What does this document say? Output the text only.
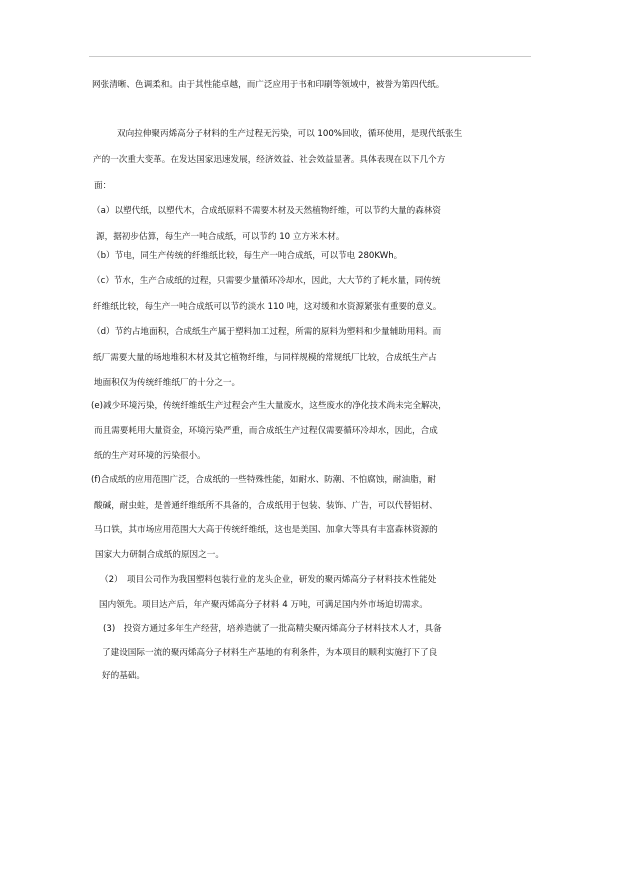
网张清晰、色调柔和。由于其性能卓越，而广泛应用于书和印刷等领域中，被誉为第四代纸。

双向拉伸聚丙烯高分子材料的生产过程无污染，可以 100%回收，循环使用，是现代纸张生

产的一次重大变革。在发达国家迅速发展，经济效益、社会效益显著。具体表现在以下几个方

面：

（a）以塑代纸，以塑代木，合成纸原料不需要木材及天然植物纤维，可以节约大量的森林资

源，据初步估算，每生产一吨合成纸，可以节约 10 立方米木材。

（b）节电，同生产传统的纤维纸比较，每生产一吨合成纸，可以节电 280KWh。

（c）节水，生产合成纸的过程，只需要少量循环冷却水，因此，大大节约了耗水量，同传统

纤维纸比较，每生产一吨合成纸可以节约淡水 110 吨，这对缓和水资源紧张有重要的意义。

（d）节约占地面积，合成纸生产属于塑料加工过程，所需的原料为塑料和少量辅助用料。而

纸厂需要大量的场地堆积木材及其它植物纤维，与同样规模的常规纸厂比较，合成纸生产占

地面积仅为传统纤维纸厂的十分之一。

(e)减少环境污染，传统纤维纸生产过程会产生大量废水，这些废水的净化技术尚未完全解决，

而且需要耗用大量资金，环境污染严重，而合成纸生产过程仅需要循环冷却水，因此，合成

纸的生产对环境的污染很小。

(f)合成纸的应用范围广泛，合成纸的一些特殊性能，如耐水、防潮、不怕腐蚀，耐油脂，耐

酸碱，耐虫蛀，是普通纤维纸所不具备的，合成纸用于包装、装饰、广告，可以代替铝材、

马口铁，其市场应用范围大大高于传统纤维纸，这也是美国、加拿大等具有丰富森林资源的

国家大力研制合成纸的原因之一。

（2）　项目公司作为我国塑料包装行业的龙头企业，研发的聚丙烯高分子材料技术性能处

国内领先。项目达产后，年产聚丙烯高分子材料 4 万吨，可满足国内外市场迫切需求。

(3)　投资方通过多年生产经营，培养造就了一批高精尖聚丙烯高分子材料技术人才，具备

了建设国际一流的聚丙烯高分子材料生产基地的有利条件，为本项目的顺利实施打下了良

好的基础。
